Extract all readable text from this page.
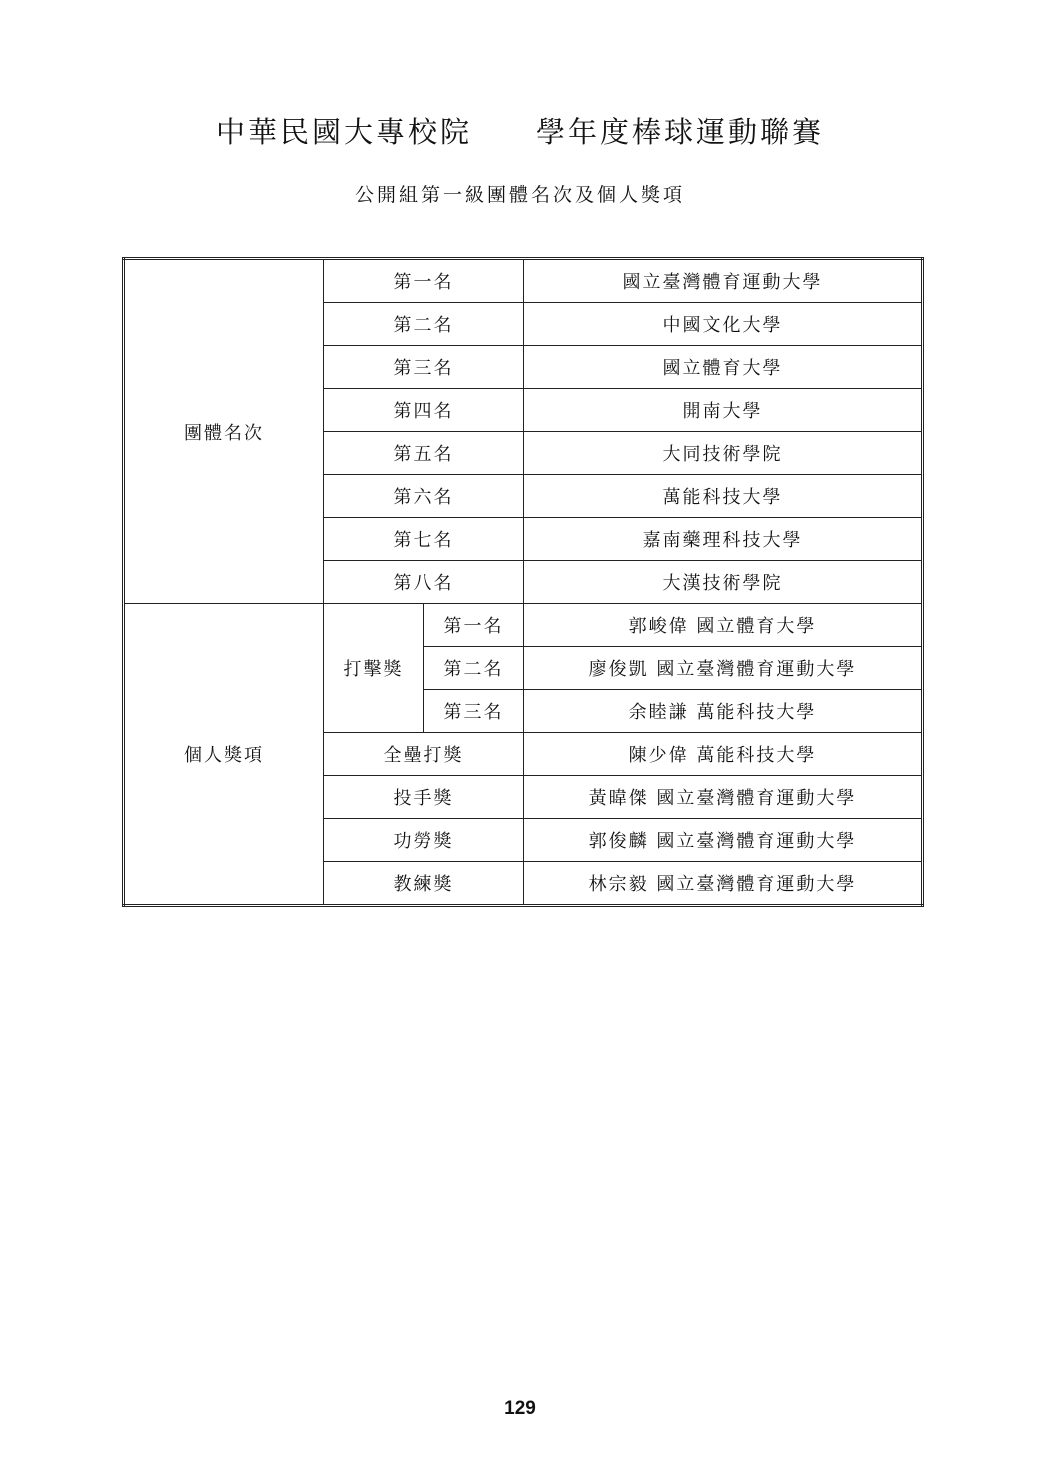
中華民國大專校院　　學年度棒球運動聯賽
公開組第一級團體名次及個人獎項
團體名次	第一名		國立臺灣體育運動大學
	第二名		中國文化大學
	第三名		國立體育大學
	第四名		開南大學
	第五名		大同技術學院
	第六名		萬能科技大學
	第七名		嘉南藥理科技大學
	第八名		大漢技術學院
個人獎項	打擊獎	第一名	郭峻偉 國立體育大學
		第二名	廖俊凱 國立臺灣體育運動大學
		第三名	余睦謙 萬能科技大學
	全壘打獎		陳少偉 萬能科技大學
	投手獎		黃暐傑 國立臺灣體育運動大學
	功勞獎		郭俊麟 國立臺灣體育運動大學
	教練獎		林宗毅 國立臺灣體育運動大學
129
